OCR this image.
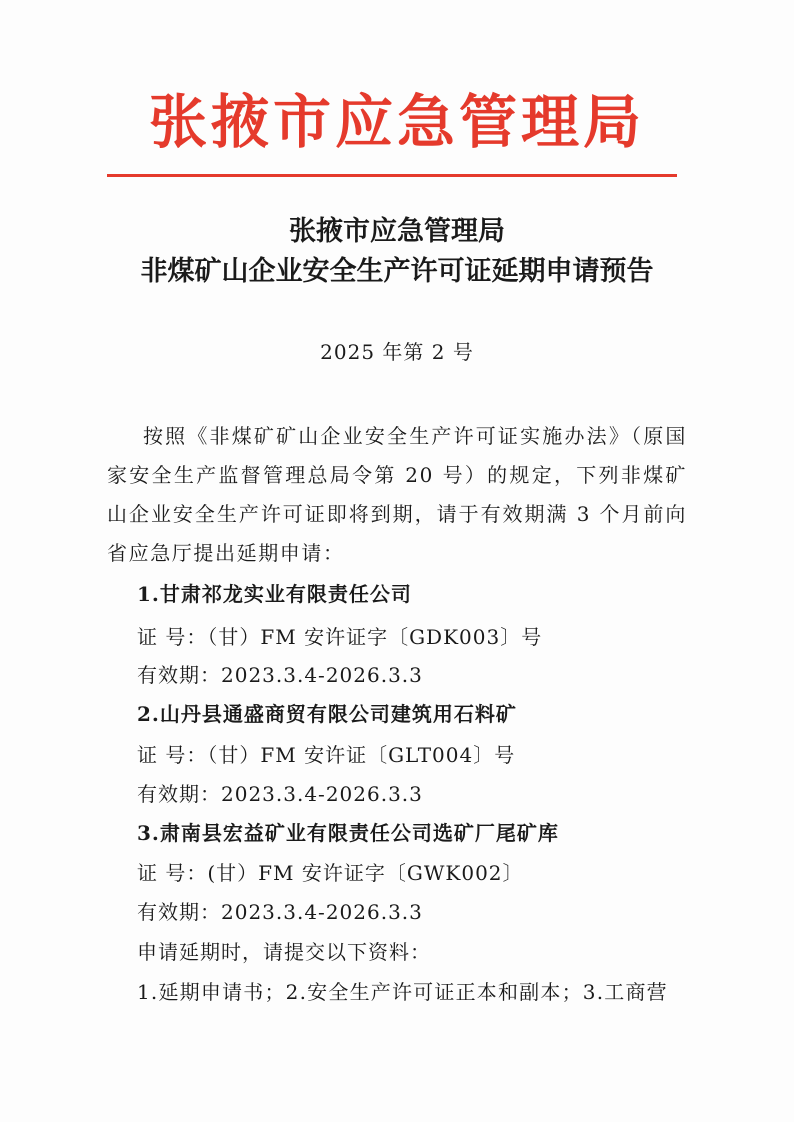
张掖市应急管理局
张掖市应急管理局
非煤矿山企业安全生产许可证延期申请预告
2025 年第 2 号
按照《非煤矿矿山企业安全生产许可证实施办法》（原国家安全生产监督管理总局令第 20 号）的规定，下列非煤矿山企业安全生产许可证即将到期，请于有效期满 3 个月前向省应急厅提出延期申请：
1.甘肃祁龙实业有限责任公司
证 号：（甘）FM 安许证字〔GDK003〕号
有效期：2023.3.4-2026.3.3
2.山丹县通盛商贸有限公司建筑用石料矿
证 号：（甘）FM 安许证〔GLT004〕号
有效期：2023.3.4-2026.3.3
3.肃南县宏益矿业有限责任公司选矿厂尾矿库
证 号：(甘）FM 安许证字〔GWK002〕
有效期：2023.3.4-2026.3.3
申请延期时，请提交以下资料：
1.延期申请书；2.安全生产许可证正本和副本；3.工商营
